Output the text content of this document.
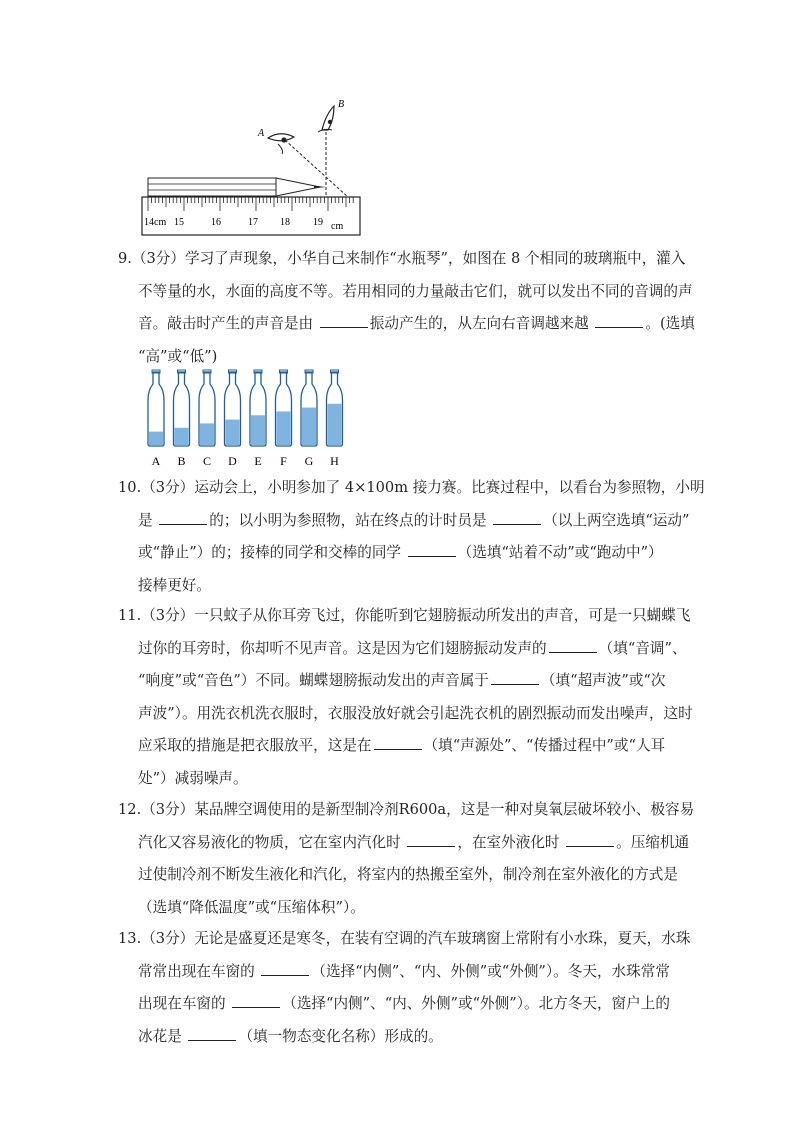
A
B
14cm 15	16	17 18 19 cm
9.（3分）学习了声现象，小华自己来制作“水瓶琴”，如图在 8 个相同的玻璃瓶中，灌入
不等量的水，水面的高度不等。若用相同的力量敲击它们，就可以发出不同的音调的声
音。敲击时产生的声音是由	振动产生的，从左向右音调越来越	。(选填
“高”或“低”)
A B C D E F G H
10.（3分）运动会上，小明参加了 4×100m 接力赛。比赛过程中，以看台为参照物，小明
是	的；以小明为参照物，站在终点的计时员是	（以上两空选填“运动”
或“静止”）的；接棒的同学和交棒的同学	（选填“站着不动”或“跑动中”）
接棒更好。
11.（3分）一只蚊子从你耳旁飞过，你能听到它翅膀振动所发出的声音，可是一只蝴蝶飞
过你的耳旁时，你却听不见声音。这是因为它们翅膀振动发声的	（填“音调”、
“响度”或“音色”）不同。蝴蝶翅膀振动发出的声音属于	（填“超声波”或“次
声波”）。用洗衣机洗衣服时，衣服没放好就会引起洗衣机的剧烈振动而发出噪声，这时
应采取的措施是把衣服放平，这是在	（填“声源处”、“传播过程中”或“人耳
处”）减弱噪声。
12.（3分）某品牌空调使用的是新型制冷剂R600a，这是一种对臭氧层破坏较小、极容易
汽化又容易液化的物质，它在室内汽化时	，在室外液化时	。压缩机通
过使制冷剂不断发生液化和汽化，将室内的热搬至室外，制冷剂在室外液化的方式是
（选填“降低温度”或“压缩体积”）。
13.（3分）无论是盛夏还是寒冬，在装有空调的汽车玻璃窗上常附有小水珠，夏天，水珠
常常出现在车窗的	（选择“内侧”、“内、外侧”或“外侧”）。冬天，水珠常常
出现在车窗的	（选择“内侧”、“内、外侧”或“外侧”）。北方冬天，窗户上的
冰花是	（填一物态变化名称）形成的。
